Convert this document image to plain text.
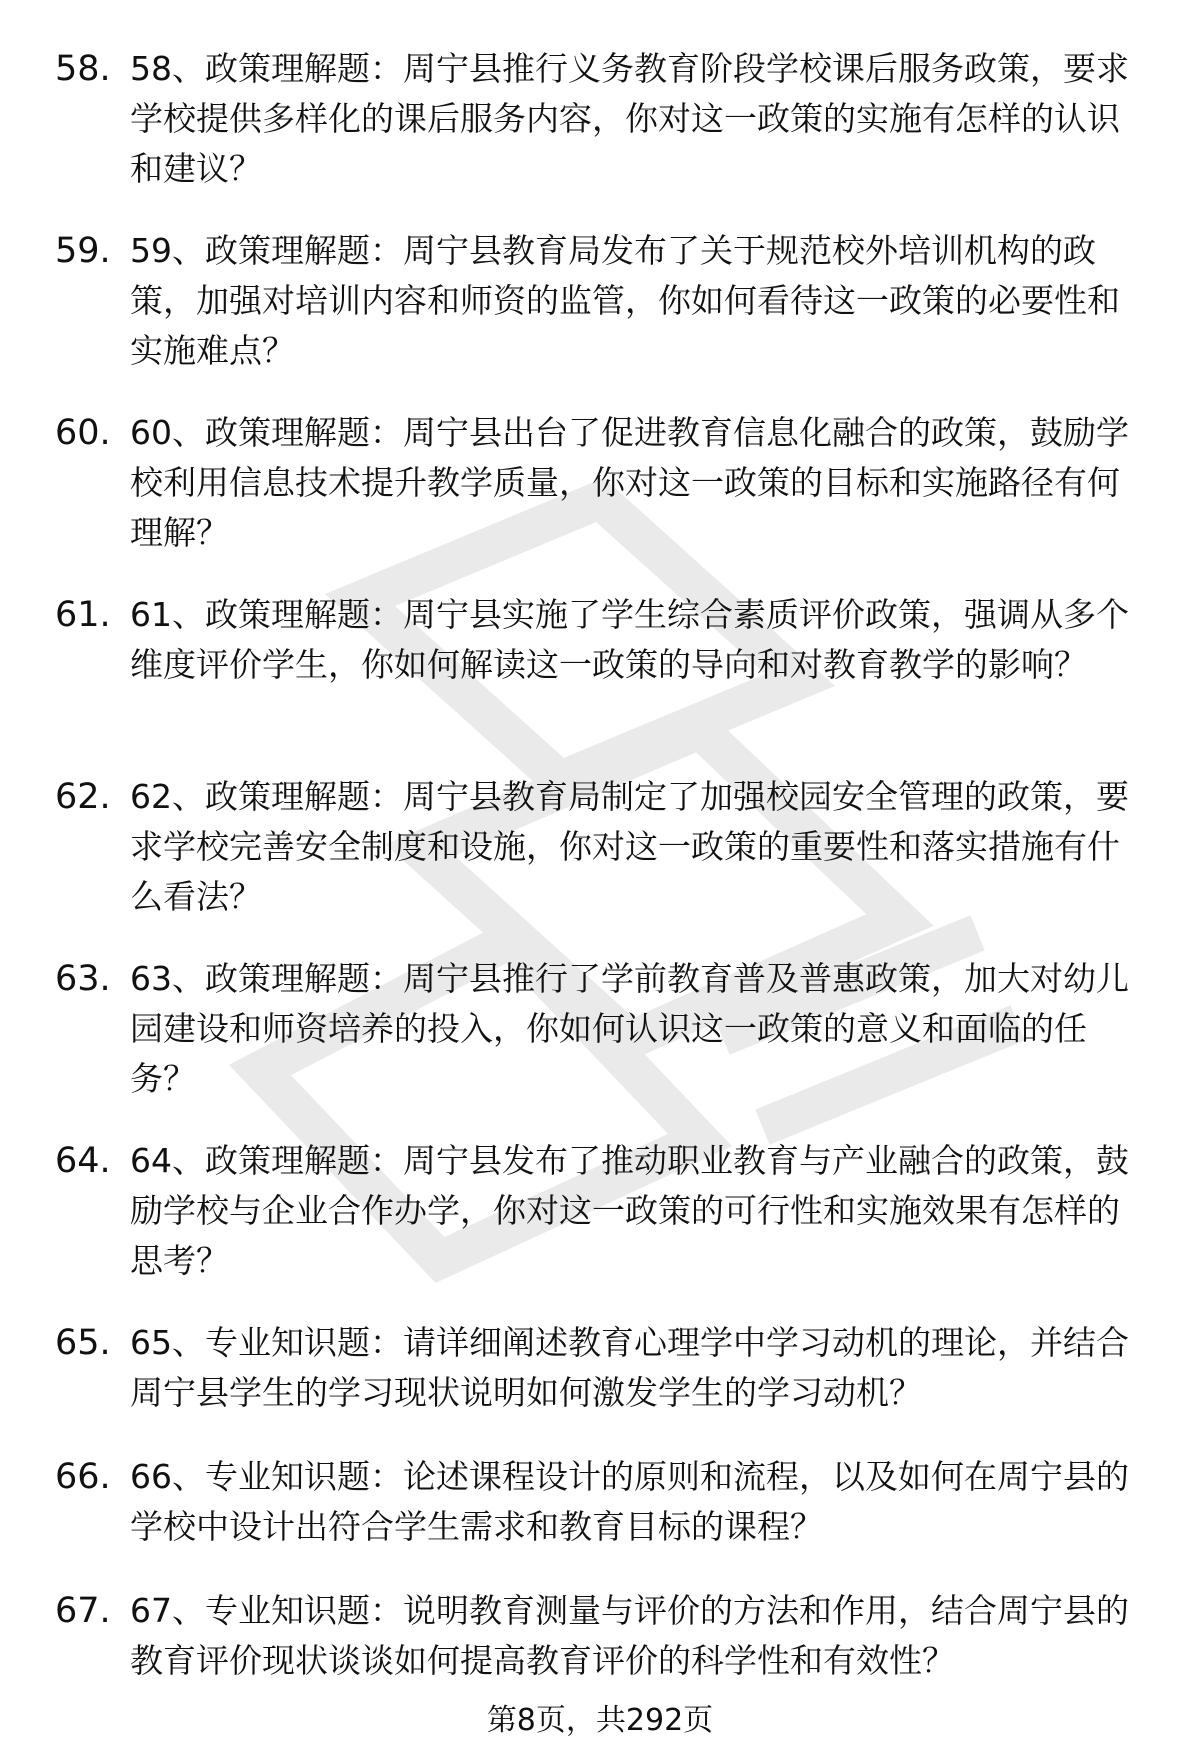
58. 58、政策理解题：周宁县推行义务教育阶段学校课后服务政策，要求学校提供多样化的课后服务内容，你对这一政策的实施有怎样的认识和建议？
59. 59、政策理解题：周宁县教育局发布了关于规范校外培训机构的政策，加强对培训内容和师资的监管，你如何看待这一政策的必要性和实施难点？
60. 60、政策理解题：周宁县出台了促进教育信息化融合的政策，鼓励学校利用信息技术提升教学质量，你对这一政策的目标和实施路径有何理解？
61. 61、政策理解题：周宁县实施了学生综合素质评价政策，强调从多个维度评价学生，你如何解读这一政策的导向和对教育教学的影响？
62. 62、政策理解题：周宁县教育局制定了加强校园安全管理的政策，要求学校完善安全制度和设施，你对这一政策的重要性和落实措施有什么看法？
63. 63、政策理解题：周宁县推行了学前教育普及普惠政策，加大对幼儿园建设和师资培养的投入，你如何认识这一政策的意义和面临的任务？
64. 64、政策理解题：周宁县发布了推动职业教育与产业融合的政策，鼓励学校与企业合作办学，你对这一政策的可行性和实施效果有怎样的思考？
65. 65、专业知识题：请详细阐述教育心理学中学习动机的理论，并结合周宁县学生的学习现状说明如何激发学生的学习动机？
66. 66、专业知识题：论述课程设计的原则和流程，以及如何在周宁县的学校中设计出符合学生需求和教育目标的课程？
67. 67、专业知识题：说明教育测量与评价的方法和作用，结合周宁县的教育评价现状谈谈如何提高教育评价的科学性和有效性？
第8页，共292页
